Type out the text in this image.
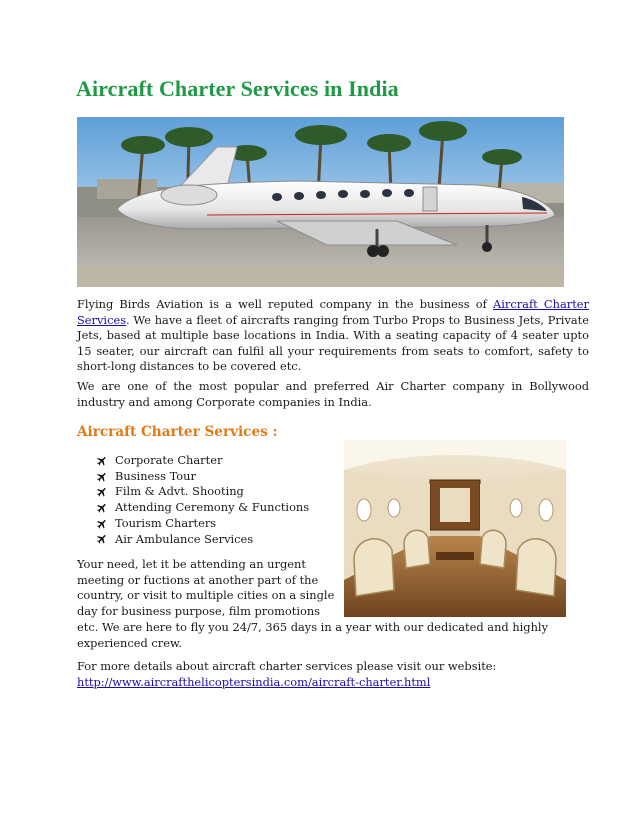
Aircraft Charter Services in India

Flying Birds Aviation is a well reputed company in the business of Aircraft Charter Services. We have a fleet of aircrafts ranging from Turbo Props to Business Jets, Private Jets, based at multiple base locations in India. With a seating capacity of 4 seater upto 15 seater, our aircraft can fulfil all your requirements from seats to comfort, safety to short-long distances to be covered etc.

We are one of the most popular and preferred Air Charter company in Bollywood industry and among Corporate companies in India.

Aircraft Charter Services :
Corporate Charter
Business Tour
Film & Advt. Shooting
Attending Ceremony & Functions
Tourism Charters
Air Ambulance Services

Your need, let it be attending an urgent meeting or fuctions at another part of the country, or visit to multiple cities on a single day for business purpose, film promotions

etc. We are here to fly you 24/7, 365 days in a year with our dedicated and highly experienced crew.

For more details about aircraft charter services please visit our website:
http://www.aircrafthelicoptersindia.com/aircraft-charter.html
